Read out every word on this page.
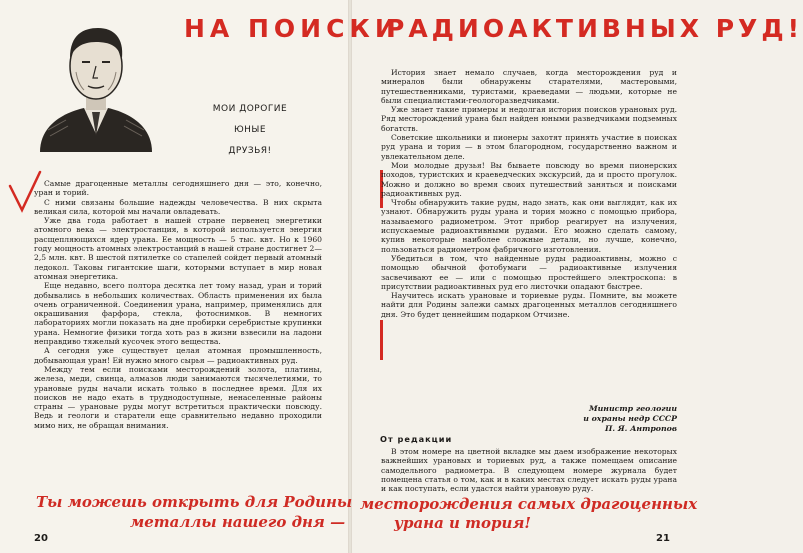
НА ПОИСКИ
РАДИОАКТИВНЫХ РУД!
МОИ ДОРОГИЕ
ЮНЫЕ
ДРУЗЬЯ!

Самые драгоценные металлы сегодняшнего дня — это, конечно, уран и торий.

С ними связаны большие надежды человечества. В них скрыта великая сила, которой мы начали овладевать.

Уже два года работает в нашей стране первенец энергетики атомного века — электростанция, в которой используется энергия расщепляющихся ядер урана. Ее мощность — 5 тыс. квт. Но к 1960 году мощность атомных электростанций в нашей стране достигнет 2—2,5 млн. квт. В шестой пятилетке со стапелей сойдет первый атомный ледокол. Таковы гигантские шаги, которыми вступает в мир новая атомная энергетика.

Еще недавно, всего полтора десятка лет тому назад, уран и торий добывались в небольших количествах. Область применения их была очень ограниченной. Соединения урана, например, применялись для окрашивания фарфора, стекла, фотоснимков. В немногих лабораториях могли показать на дне пробирки серебристые крупинки урана. Немногие физики тогда хоть раз в жизни взвесили на ладони неправдиво тяжелый кусочек этого вещества.

А сегодня уже существует целая атомная промышленность, добывающая уран! Ей нужно много сырья — радиоактивных руд.

Между тем если поисками месторождений золота, платины, железа, меди, свинца, алмазов люди занимаются тысячелетиями, то урановые руды начали искать только в последнее время. Для их поисков не надо ехать в труднодоступные, ненаселенные районы страны — урановые руды могут встретиться практически повсюду. Ведь и геологи и старатели еще сравнительно недавно проходили мимо них, не обращая внимания.

История знает немало случаев, когда месторождения руд и минералов были обнаружены старателями, мастеровыми, путешественниками, туристами, краеведами — людьми, которые не были специалистами-геологоразведчиками.

Уже знает такие примеры и недолгая история поисков урановых руд. Ряд месторождений урана был найден юными разведчиками подземных богатств.

Советские школьники и пионеры захотят принять участие в поисках руд урана и тория — в этом благородном, государственно важном и увлекательном деле.

Мои молодые друзья! Вы бываете повсюду во время пионерских походов, туристских и краеведческих экскурсий, да и просто прогулок. Можно и должно во время своих путешествий заняться и поисками радиоактивных руд.

Чтобы обнаружить такие руды, надо знать, как они выглядят, как их узнают. Обнаружить руды урана и тория можно с помощью прибора, называемого радиометром. Этот прибор реагирует на излучения, испускаемые радиоактивными рудами. Его можно сделать самому, купив некоторые наиболее сложные детали, но лучше, конечно, пользоваться радиометром фабричного изготовления.

Убедиться в том, что найденные руды радиоактивны, можно с помощью обычной фотобумаги — радиоактивные излучения засвечивают ее — или с помощью простейшего электроскопа: в присутствии радиоактивных руд его листочки опадают быстрее.

Научитесь искать урановые и ториевые руды. Помните, вы можете найти для Родины залежи самых драгоценных металлов сегодняшнего дня. Это будет ценнейшим подарком Отчизне.

Министр геологии
и охраны недр СССР
П. Я. Антропов
От редакции

В этом номере на цветной вкладке мы даем изображение некоторых важнейших урановых и ториевых руд, а также помещаем описание самодельного радиометра. В следующем номере журнала будет помещена статья о том, как и в каких местах следует искать руды урана и как поступать, если удастся найти урановую руду.

Ты можешь открыть для Родины
металлы нашего дня —
месторождения самых драгоценных
урана и тория!
20	21
